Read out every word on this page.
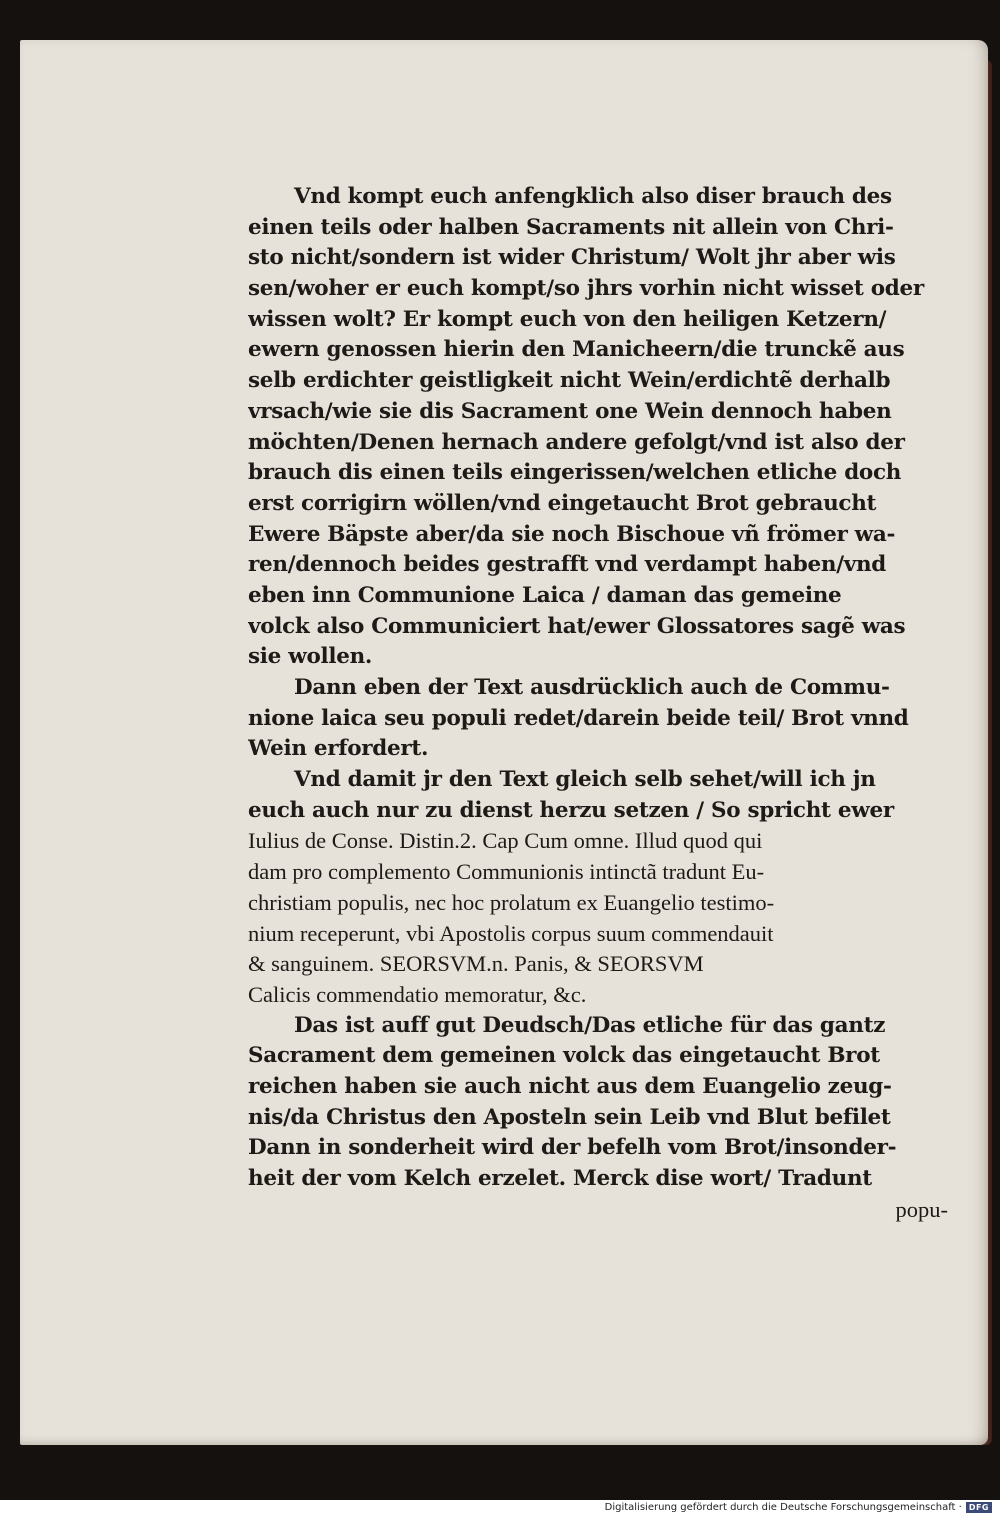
Vnd kompt euch anfengklich also diser brauch des
einen teils oder halben Sacraments nit allein von Chri-
sto nicht/sondern ist wider Christum/ Wolt jhr aber wis
sen/woher er euch kompt/so jhrs vorhin nicht wisset oder
wissen wolt? Er kompt euch von den heiligen Ketzern/
ewern genossen hierin den Manicheern/die trunckẽ aus
selb erdichter geistligkeit nicht Wein/erdichtẽ derhalb
vrsach/wie sie dis Sacrament one Wein dennoch haben
möchten/Denen hernach andere gefolgt/vnd ist also der
brauch dis einen teils eingerissen/welchen etliche doch
erst corrigirn wöllen/vnd eingetaucht Brot gebraucht
Ewere Bäpste aber/da sie noch Bischoue vñ frömer wa-
ren/dennoch beides gestrafft vnd verdampt haben/vnd
eben inn Communione Laica / daman das gemeine
volck also Communiciert hat/ewer Glossatores sagẽ was
sie wollen.
Dann eben der Text ausdrücklich auch de Commu-
nione laica seu populi redet/darein beide teil/ Brot vnnd
Wein erfordert.
Vnd damit jr den Text gleich selb sehet/will ich jn
euch auch nur zu dienst herzu setzen / So spricht ewer
Iulius de Conse. Distin.2. Cap Cum omne. Illud quod qui
dam pro complemento Communionis intinctã tradunt Eu-
christiam populis, nec hoc prolatum ex Euangelio testimo-
nium receperunt, vbi Apostolis corpus suum commendauit
& sanguinem. SEORSVM.n. Panis, & SEORSVM
Calicis commendatio memoratur, &c.
Das ist auff gut Deudsch/Das etliche für das gantz
Sacrament dem gemeinen volck das eingetaucht Brot
reichen haben sie auch nicht aus dem Euangelio zeug-
nis/da Christus den Aposteln sein Leib vnd Blut befilet
Dann in sonderheit wird der befelh vom Brot/insonder-
heit der vom Kelch erzelet. Merck dise wort/ Tradunt
popu-
Digitalisierung gefördert durch die Deutsche Forschungsgemeinschaft · DFG
